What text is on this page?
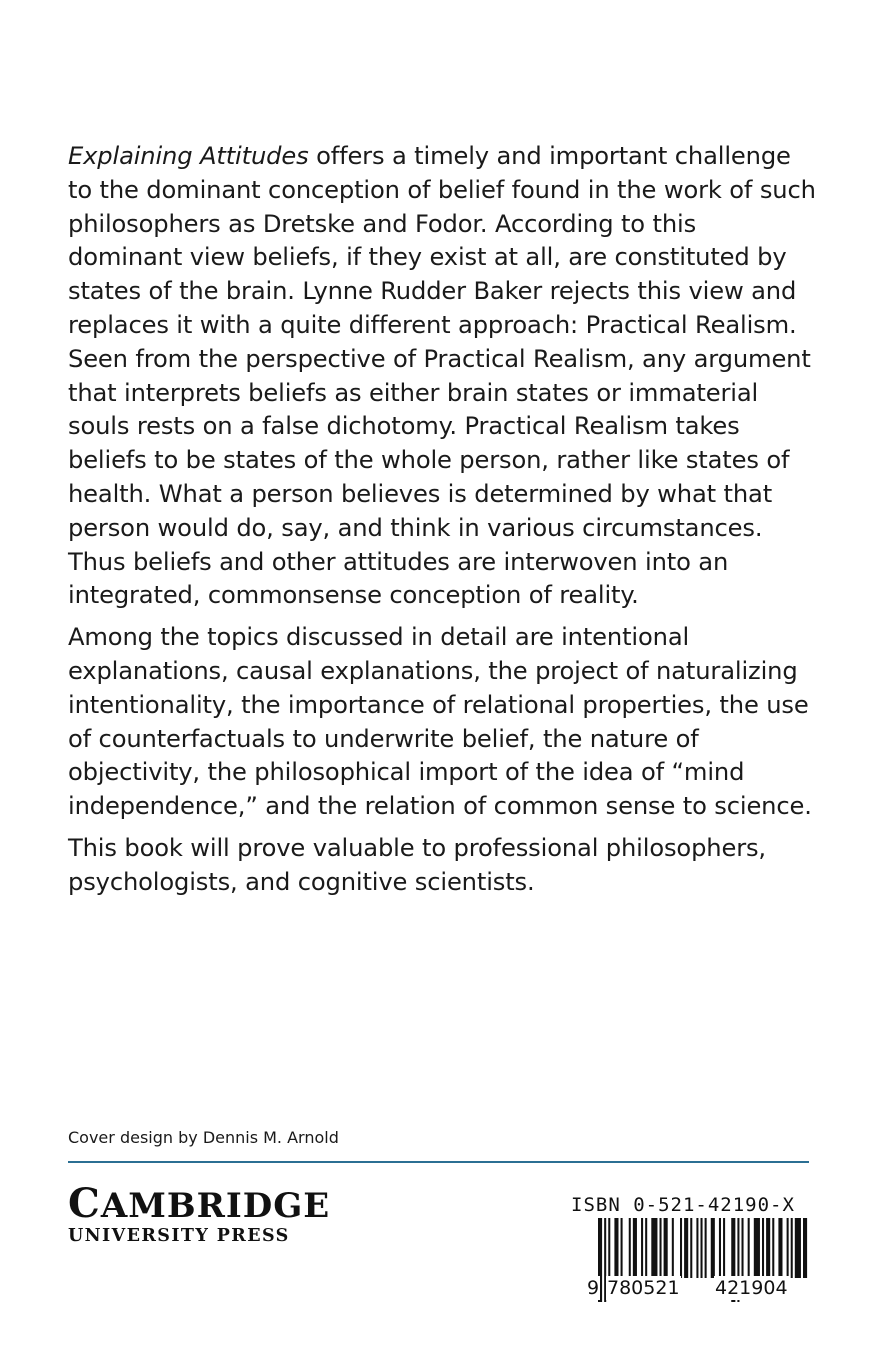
Explaining Attitudes offers a timely and important challenge to the dominant conception of belief found in the work of such philosophers as Dretske and Fodor. According to this dominant view beliefs, if they exist at all, are constituted by states of the brain. Lynne Rudder Baker rejects this view and replaces it with a quite different approach: Practical Realism. Seen from the perspective of Practical Realism, any argument that interprets beliefs as either brain states or immaterial souls rests on a false dichotomy. Practical Realism takes beliefs to be states of the whole person, rather like states of health. What a person believes is determined by what that person would do, say, and think in various circumstances. Thus beliefs and other attitudes are interwoven into an integrated, commonsense conception of reality.

Among the topics discussed in detail are intentional explanations, causal explanations, the project of naturalizing intentionality, the importance of relational properties, the use of counterfactuals to underwrite belief, the nature of objectivity, the philosophical import of the idea of “mind independence,” and the relation of common sense to science.

This book will prove valuable to professional philosophers, psychologists, and cognitive scientists.

Cover design by Dennis M. Arnold
CAMBRIDGE
UNIVERSITY PRESS
ISBN 0-521-42190-X
9 780521 421904
